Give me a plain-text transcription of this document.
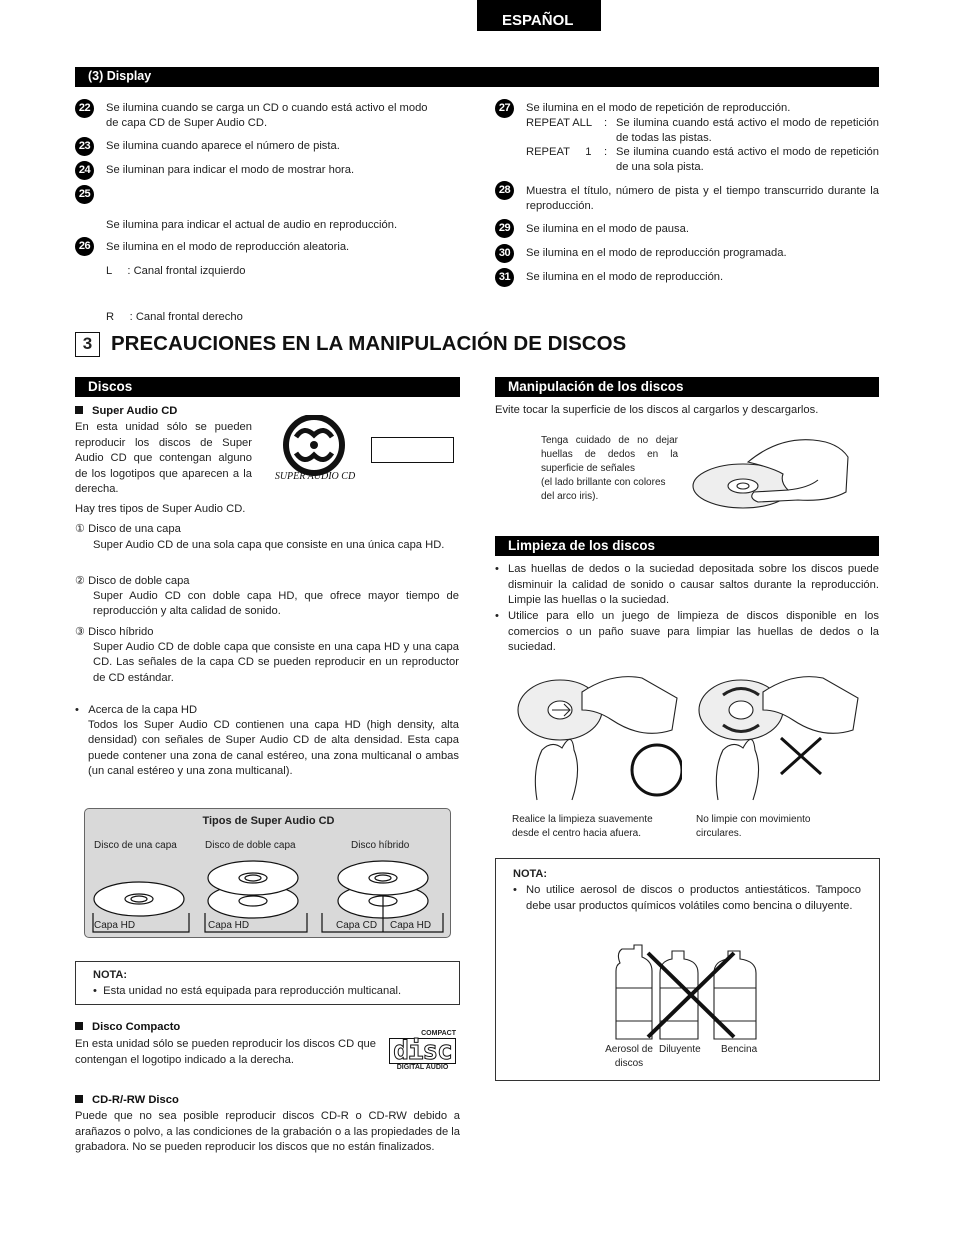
ESPAÑOL
(3) Display
22	Se ilumina cuando se carga un CD o cuando está activo el modo
de capa CD de Super Audio CD.
23	Se ilumina cuando aparece el número de pista.
24	Se iluminan para indicar el modo de mostrar hora.
25

Se ilumina para indicar el actual de audio en reproducción.

L     : Canal frontal izquierdo

R     : Canal frontal derecho

26	Se ilumina en el modo de reproducción aleatoria.
27	Se ilumina en el modo de repetición de reproducción.
REPEAT ALL	: Se ilumina cuando está activo el modo de repetición de todas las pistas.
REPEAT     1	: Se ilumina cuando está activo el modo de repetición de una sola pista.
28	Muestra el título, número de pista y el tiempo transcurrido durante la reproducción.
29	Se ilumina en el modo de pausa.
30	Se ilumina en el modo de reproducción programada.
31	Se ilumina en el modo de reproducción.
3 PRECAUCIONES EN LA MANIPULACIÓN DE DISCOS
Discos
Super Audio CD
En esta unidad sólo se pueden reproducir los discos de Super Audio CD que contengan alguno de los logotipos que aparecen a la derecha.
SUPER AUDIO CD
Hay tres tipos de Super Audio CD.
① Disco de una capa
Super Audio CD de una sola capa que consiste en una única capa HD.
② Disco de doble capa
Super Audio CD con doble capa HD, que ofrece mayor tiempo de reproducción y alta calidad de sonido.
③ Disco híbrido
Super Audio CD de doble capa que consiste en una capa HD y una capa CD. Las señales de la capa CD se pueden reproducir en un reproductor de CD estándar.
•   Acerca de la capa HD
Todos los Super Audio CD contienen una capa HD (high density, alta densidad) con señales de Super Audio CD de alta densidad. Esta capa puede contener una zona de canal estéreo, una zona multicanal o ambas (un canal estéreo y una zona multicanal).
Tipos de Super Audio CD
Disco de una capa	Disco de doble capa	Disco híbrido
Capa HD	Capa HD	Capa CD Capa HD
NOTA:
•  Esta unidad no está equipada para reproducción multicanal.
Disco Compacto
En esta unidad sólo se pueden reproducir los discos CD que contengan el logotipo indicado a la derecha.
COMPACT
disc
DIGITAL AUDIO
CD-R/-RW Disco
Puede que no sea posible reproducir discos CD-R o CD-RW debido a arañazos o polvo, a las condiciones de la grabación o a las propiedades de la grabadora. No se pueden reproducir los discos que no están finalizados.
Manipulación de los discos
Evite tocar la superficie de los discos al cargarlos y descargarlos.
Tenga cuidado de no dejar huellas de dedos en la superficie de señales
(el lado brillante con colores del arco iris).
Limpieza de los discos
• Las huellas de dedos o la suciedad depositada sobre los discos puede disminuir la calidad de sonido o causar saltos durante la reproducción. Limpie las huellas o la suciedad.
• Utilice para ello un juego de limpieza de discos disponible en los comercios o un paño suave para limpiar las huellas de dedos o la suciedad.
Realice la limpieza suavemente desde el centro hacia afuera.
No limpie con movimiento circulares.
NOTA:
• No utilice aerosol de discos o productos antiestáticos. Tampoco debe usar productos químicos volátiles como bencina o diluyente.
Aerosol de discos
Diluyente Bencina
